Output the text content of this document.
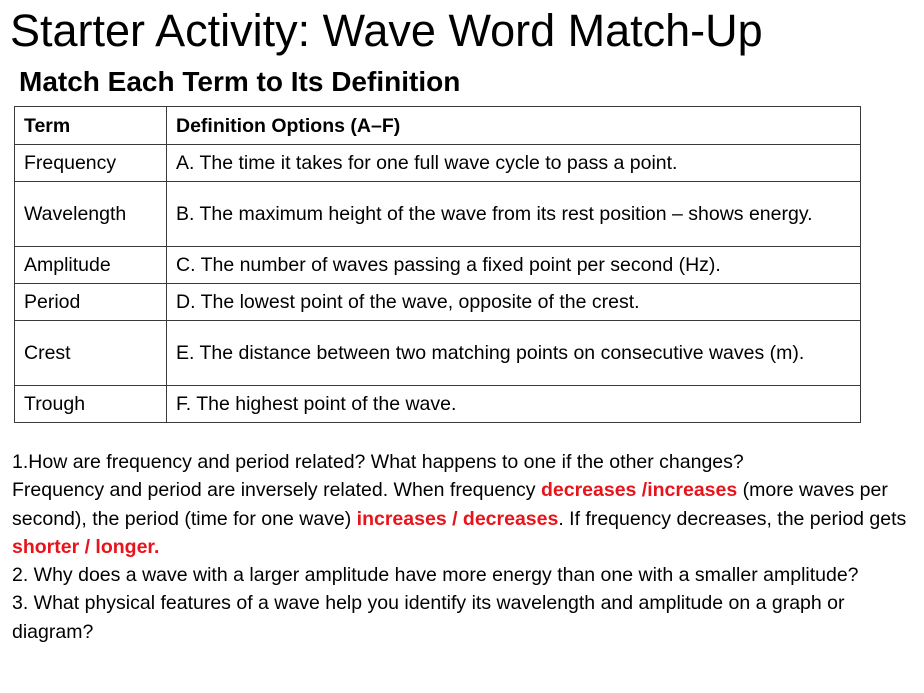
Starter Activity: Wave Word Match-Up
Match Each Term to Its Definition
Term	Definition Options (A–F)
Frequency	A. The time it takes for one full wave cycle to pass a point.
Wavelength	B. The maximum height of the wave from its rest position – shows energy.
Amplitude	C. The number of waves passing a fixed point per second (Hz).
Period	D. The lowest point of the wave, opposite of the crest.
Crest	E. The distance between two matching points on consecutive waves (m).
Trough	F. The highest point of the wave.

1.How are frequency and period related? What happens to one if the other changes?

Frequency and period are inversely related. When frequency decreases /increases (more waves per second), the period (time for one wave) increases / decreases. If frequency decreases, the period gets shorter / longer.

2. Why does a wave with a larger amplitude have more energy than one with a smaller amplitude?

3. What physical features of a wave help you identify its wavelength and amplitude on a graph or diagram?
